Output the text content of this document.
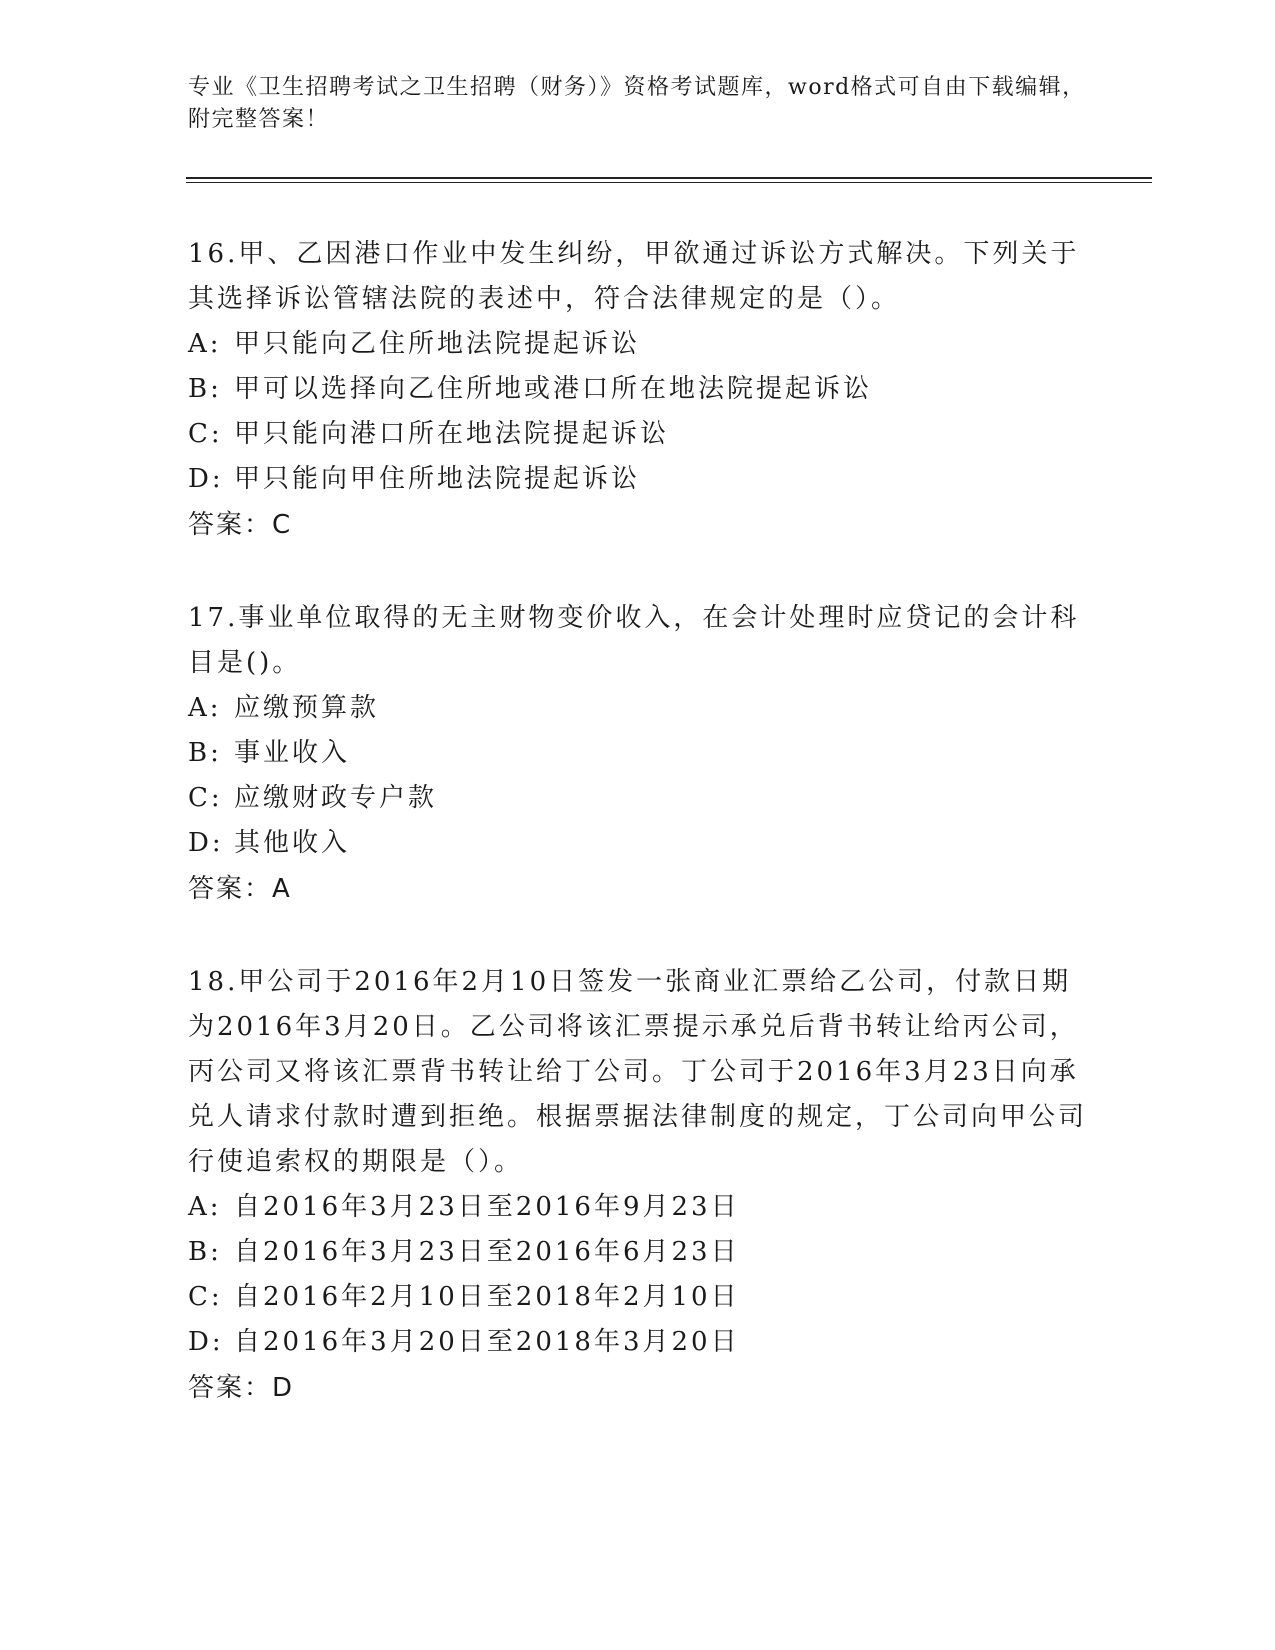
专业《卫生招聘考试之卫生招聘（财务）》资格考试题库，word格式可自由下载编辑，附完整答案！
16.甲、乙因港口作业中发生纠纷，甲欲通过诉讼方式解决。下列关于其选择诉讼管辖法院的表述中，符合法律规定的是（）。
A: 甲只能向乙住所地法院提起诉讼
B: 甲可以选择向乙住所地或港口所在地法院提起诉讼
C: 甲只能向港口所在地法院提起诉讼
D: 甲只能向甲住所地法院提起诉讼
答案：C
17.事业单位取得的无主财物变价收入，在会计处理时应贷记的会计科目是()。
A: 应缴预算款
B: 事业收入
C: 应缴财政专户款
D: 其他收入
答案：A
18.甲公司于2016年2月10日签发一张商业汇票给乙公司，付款日期为2016年3月20日。乙公司将该汇票提示承兑后背书转让给丙公司，丙公司又将该汇票背书转让给丁公司。丁公司于2016年3月23日向承兑人请求付款时遭到拒绝。根据票据法律制度的规定，丁公司向甲公司行使追索权的期限是（）。
A: 自2016年3月23日至2016年9月23日
B: 自2016年3月23日至2016年6月23日
C: 自2016年2月10日至2018年2月10日
D: 自2016年3月20日至2018年3月20日
答案：D
